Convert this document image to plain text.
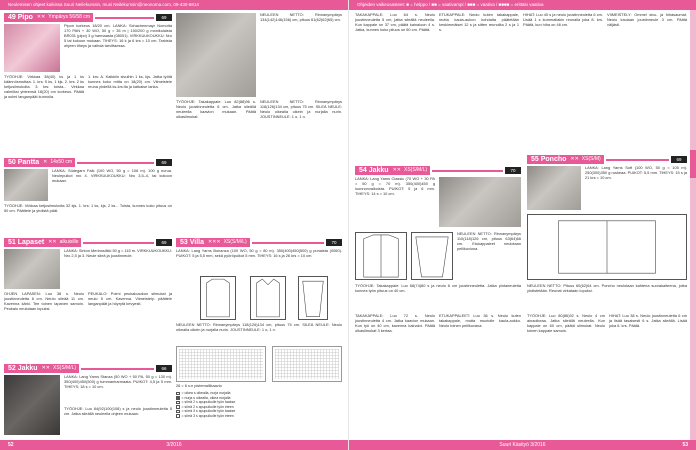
Neulemisen ohjeet kaikissa Suuri Neilekurssin, musi Neilekurssin@neonoma.com, 09-430-6814
49 Pipo ✕✕ Ympärys 56/58 cm	69
Pipon korkeus 18/20 cm. LANKA: Schachenmayr Nomotta 170 PAN + 30 WO, 50 g = 35 m | 150/200 g monikulaista BR031 (pipo) 3 g harmaasta (08001). VIRKKUUKOUKKU: Nro 5 tai kokoon mukaan. TIHEYS: 16 k ja 6 krs = 10 cm. Tarkista ohjeen tiheys ja vaihda tarvittaessa.
TYÖOHJE: Virkkaa 38(40) ks ja 1 ks käännösmuttaa. 1. krs: 5 ks, 1 kjs. 2. krs: 2 ks ketjusilmukoita. 3. krs: toista... Virkkaa valmiiksi yhteensä 18(20) cm korkeus. Päätä ja solmi langanpäät kunnolla.
1. krs: A. Kaikkiin sivuihin 1 ks, kjs. Jatka työtä kunnes koko mitta on 18(20) cm. Viimeistele reuna yhdellä ks-krs:lla ja katkaise lanka.
50 Pantta ✕ 14x50 cm	69
LANKA: Südegarn Falk (100 WO, 50 g = 106 m). 100 g ecrua. Neulepuikot nro 4. VIRKKUUKOUKKU: Nro 3,5–4, tai kokoon mukaan.
TYÖOHJE: Virkkaa ketjusilmukoita 32 kjs. 1. krs: 1 ks, kjs, 2 ks... Toista, kunnes koko pituus on 50 cm. Päättele ja yhdistä päät.
51 Lapaset ✕✕ aikuisille	69
LANKA: Sirkon Merinosilkki 50 g = 115 m. VIRKKUUKOUKKU: Nro 2,5 ja 3. Neule sileä ja joustinneule.
OHJEN LAPASEN: Luo 38 s. Neulo joustinneuletta 6 cm. Neulo sileää 11 cm. Kavenna kärki. Tee toinen lapanen samoin. Peukalo neulotaan lopuksi.
PEUKALO: Poimi peukaloaukon silmukat ja neulo 5 cm. Kavenna. Viimeistely: päättele langanpäät ja höyrytä kevyesti.
52 Jakku ✕✕ XS(S/M/L)	66
LANKA: Lang Yarns Stanza (50 WO + 50 PA, 50 g = 130 m). 350(400)450(500) g tummanharmaata. PUIKOT: 4,5 ja 5 mm. TIHEYS: 18 s = 10 cm.
TYÖOHJE: Luo 84(92)100(108) s ja neulo joustinneuletta 5 cm. Jatka sileällä neuleella ohjeen mukaan.
NEULEEN NETTO: Rinnanympärys 134(142)146(156) cm, pituus 61(62)62(65) cm.
TYÖOHJE: Takakappale: Luo 82(88)96 s. Neulo joustinneuletta 6 cm. Jatka sileällä neuleella kaavion mukaan. Päätä olkasilmukat.
NEULEEN NETTO: Rinnanympärys 118(126)134 cm, pituus 75 cm. SILEÄ NEULE: Neulo oikealla oikein ja nurjalla nurin. JOUSTINNEULE: 1 o, 1 n.
53 Villa ✕✕✕ XS(S/M/L)	70
LANKA: Lang Yarns Bonanza (100 WO, 50 g = 80 m). 350(400)450(500) g punaista (0060). PUIKOT: 5 ja 5,5 mm, sekä pyöröpuikot 5 mm. TIHEYS: 16 s ja 26 krs = 10 cm.
NEULEEN NETTO: Rinnanympärys 118(126)134 cm, pituus 75 cm. SILEÄ NEULE: Neulo oikealla oikein ja nurjalla nurin. JOUSTINNEULE: 1 o, 1 n.
26 = 6 s:n pistemallikaavio
= oikea s oikealla, nurja nurjalla
= nurja s oikealla, oikea nurjalla
= siirrä 2 s apupuikolle työn taakse
= siirrä 2 s apupuikolle työn eteen
= siirrä 3 s apupuikolle työn taakse
= siirrä 3 s apupuikolle työn eteen
52	3/2016
Ohjeiden vaikeusasteet: ■ = helppo / ■■ = vaativampi / ■■■ = vaativa / ■■■■ = erittäin vaativa
TAKAKAPPALE: Luo 64 s. Neulo joustinneuletta 5 cm, jatka sileällä neuleella. Kun kappale on 37 cm, päätä kainaloon 4 s. Jatka, kunnes koko pituus on 60 cm. Päätä.
ETUKAPPALE: Neulo kuten takakappale, mutta kaula-aukon kohdalta päätetään keskimmäiset 12 s ja sitten reunoilta 2 s ja 1 s.
HIHAT: Luo 40 s ja neulo joustinneuletta 6 cm. Lisää 1 s kummallakin reunalla joka 8. krs. Päätä, kun hiha on 46 cm.
VIIMEISTELY: Ommel sivu- ja hihasaumat. Neulo kaulaan joustinneule 3 cm. Päätä väljästi.
54 Jakku ✕✕ XS(S/M/L)	70
LANKA: Lang Yarns Classic (70 WO + 30 PA = 50 g = 70 m). 350(400)450 g luonnonvalkoista. PUIKOT: 5 ja 6 mm. TIHEYS: 14 s = 10 cm.
NEULEEN NETTO: Rinnanympärys 110(118)126 cm, pituus 63(64)66 cm. Etukappaleet neulotaan peilikuviona.
TYÖOHJE: Takakappale: Luo 68(74)80 s ja neulo 6 cm joustinneuletta. Jatka pintaneuletta kunnes työn pituus on 40 cm.
TAKAKAPPALE: Luo 72 s. Neulo joustinneuletta 4 cm. Jatka kaavion mukaan. Kun työ on 40 cm, kavenna kainalot. Päätä olkasilmukat 3 kertaa.
ETUKAPPALEET: Luo 36 s. Neulo kuten takakappale, mutta muotoile kaula-aukko. Neulo toinen peilikuvana.
55 Poncho ✕✕ XS(S/M)	69
LANKA: Lang Yarns Soft (100 WO, 50 g = 105 m). 250(300)350 g ruskeaa. PUIKOT: 5,5 mm. TIHEYS: 15 s ja 21 krs = 10 cm.
NEULEEN NETTO: Pituus 60(62)64 cm. Poncho neulotaan kahtena suorakaiteena, jotka yhdistetään. Reunat virkataan lopuksi.
TYÖOHJE: Luo 80(86)92 s. Neulo 4 cm ainaoikeaa. Jatka sileällä neuleella. Kun kappale on 60 cm, päätä silmukat. Neulo toinen kappale samoin.
HIHAT: Luo 38 s. Neulo joustinneuletta 6 cm ja lisää tasaisesti 6 s. Jatka sileällä. Lisää joka 6. krs. Päätä.
Suuri Käsityö 3/2016	53
